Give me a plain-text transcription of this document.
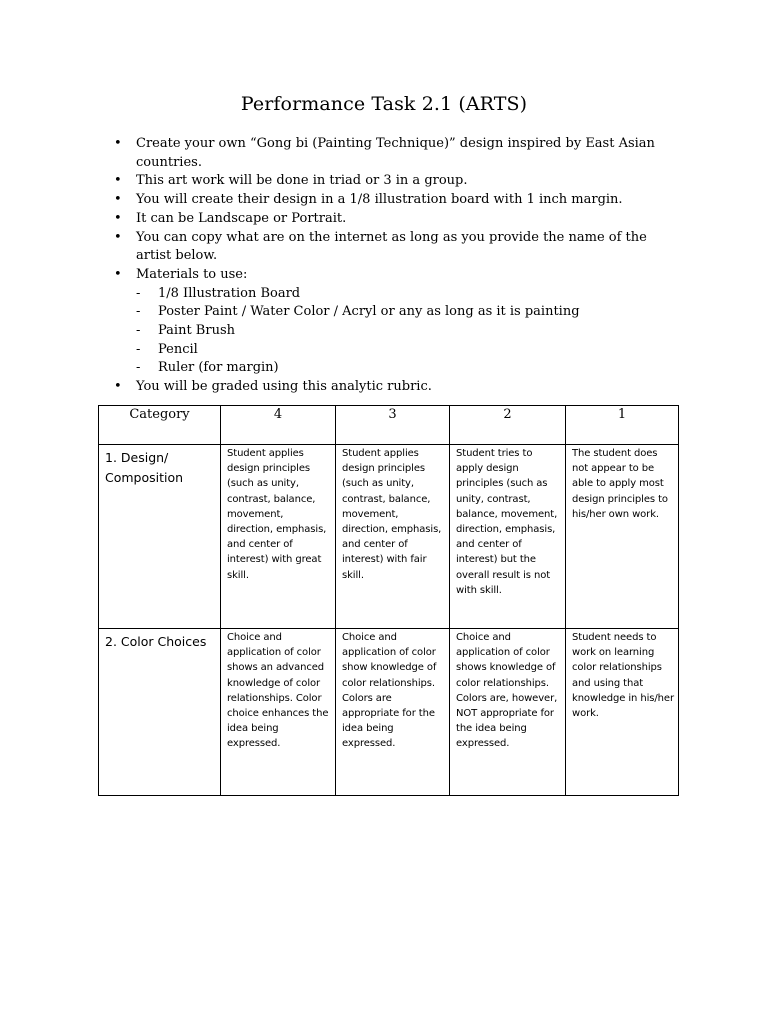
Performance Task 2.1 (ARTS)
• Create your own “Gong bi (Painting Technique)” design inspired by East Asian countries.
• This art work will be done in triad or 3 in a group.
• You will create their design in a 1/8 illustration board with 1 inch margin.
• It can be Landscape or Portrait.
• You can copy what are on the internet as long as you provide the name of the artist below.
• Materials to use:
- 1/8 Illustration Board
- Poster Paint / Water Color / Acryl or any as long as it is painting
- Paint Brush
- Pencil
- Ruler (for margin)
• You will be graded using this analytic rubric.
Category	4	3	2	1
1. Design/ Composition	Student applies design principles (such as unity, contrast, balance, movement, direction, emphasis, and center of interest) with great skill.	Student applies design principles (such as unity, contrast, balance, movement, direction, emphasis, and center of interest) with fair skill.	Student tries to apply design principles (such as unity, contrast, balance, movement, direction, emphasis, and center of interest) but the overall result is not with skill.	The student does not appear to be able to apply most design principles to his/her own work.
2. Color Choices	Choice and application of color shows an advanced knowledge of color relationships. Color choice enhances the idea being expressed.	Choice and application of color show knowledge of color relationships. Colors are appropriate for the idea being expressed.	Choice and application of color shows knowledge of color relationships. Colors are, however, NOT appropriate for the idea being expressed.	Student needs to work on learning color relationships and using that knowledge in his/her work.
